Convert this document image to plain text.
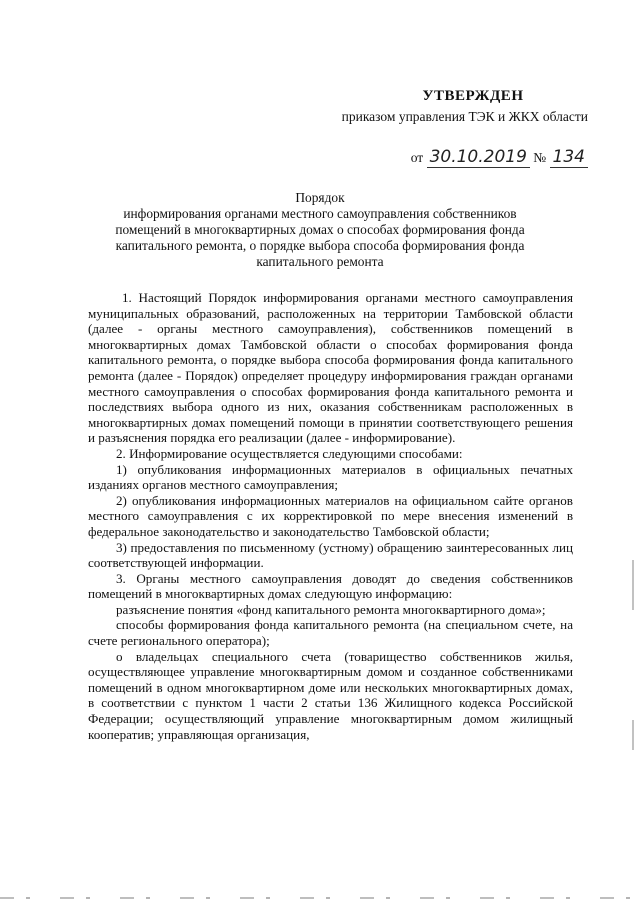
УТВЕРЖДЕН
приказом управления ТЭК и ЖКХ области
от 30.10.2019 № 134
Порядок
информирования органами местного самоуправления собственников
помещений в многоквартирных домах о способах формирования фонда
капитального ремонта, о порядке выбора способа формирования фонда
капитального ремонта

1. Настоящий Порядок информирования органами местного самоуправления муниципальных образований, расположенных на территории Тамбовской области (далее - органы местного самоуправления), собственников помещений в многоквартирных домах Тамбовской области о способах формирования фонда капитального ремонта, о порядке выбора способа формирования фонда капитального ремонта (далее - Порядок) определяет процедуру информирования граждан органами местного самоуправления о способах формирования фонда капитального ремонта и последствиях выбора одного из них, оказания собственникам расположенных в многоквартирных домах помещений помощи в принятии соответствующего решения и разъяснения порядка его реализации (далее - информирование).

2. Информирование осуществляется следующими способами:

1) опубликования информационных материалов в официальных печатных изданиях органов местного самоуправления;

2) опубликования информационных материалов на официальном сайте органов местного самоуправления с их корректировкой по мере внесения изменений в федеральное законодательство и законодательство Тамбовской области;

3) предоставления по письменному (устному) обращению заинтересованных лиц соответствующей информации.

3. Органы местного самоуправления доводят до сведения собственников помещений в многоквартирных домах следующую информацию:

разъяснение понятия «фонд капитального ремонта многоквартирного дома»;

способы формирования фонда капитального ремонта (на специальном счете, на счете регионального оператора);

о владельцах специального счета (товарищество собственников жилья, осуществляющее управление многоквартирным домом и созданное собственниками помещений в одном многоквартирном доме или нескольких многоквартирных домах, в соответствии с пунктом 1 части 2 статьи 136 Жилищного кодекса Российской Федерации; осуществляющий управление многоквартирным домом жилищный кооператив; управляющая организация,
